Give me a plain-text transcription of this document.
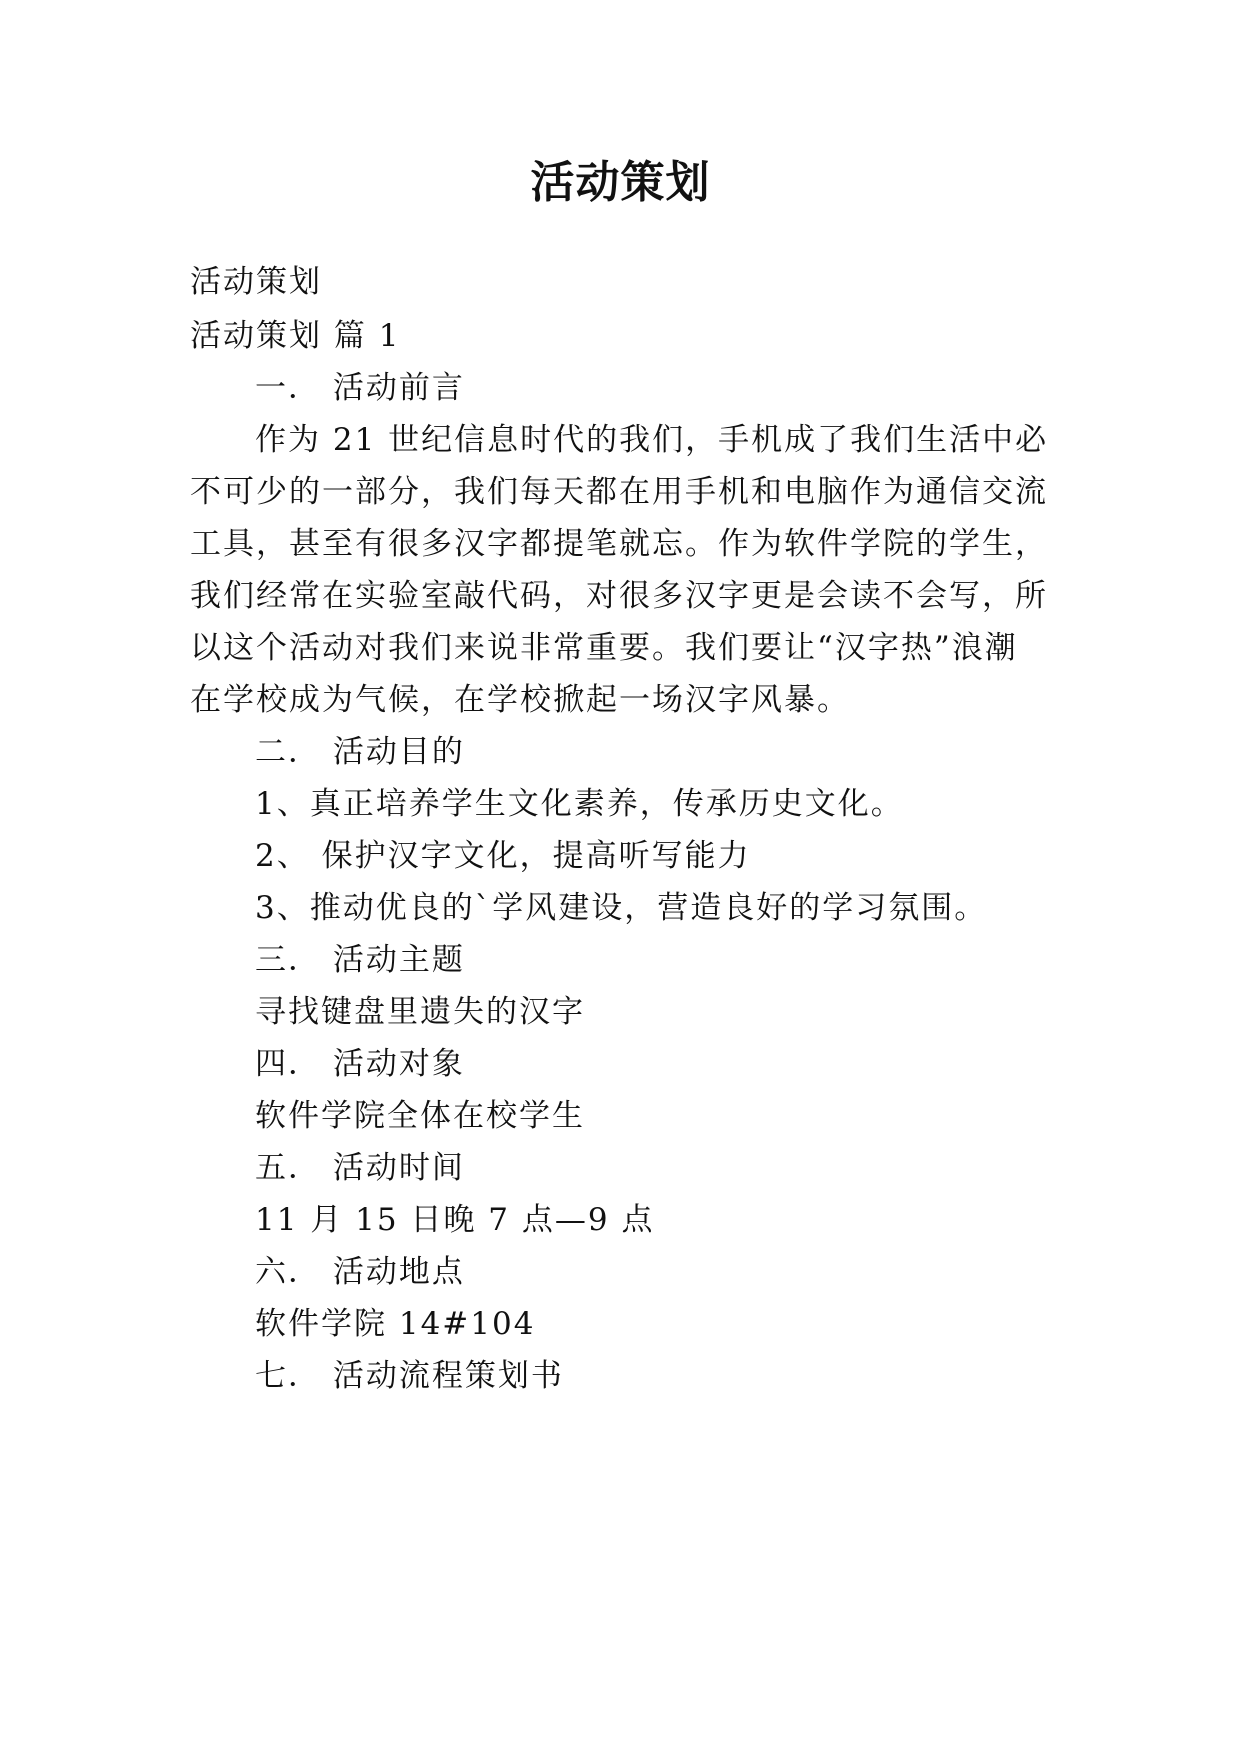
活动策划
活动策划
活动策划 篇 1
一． 活动前言
作为 21 世纪信息时代的我们，手机成了我们生活中必
不可少的一部分，我们每天都在用手机和电脑作为通信交流
工具，甚至有很多汉字都提笔就忘。作为软件学院的学生，
我们经常在实验室敲代码，对很多汉字更是会读不会写，所
以这个活动对我们来说非常重要。我们要让“汉字热”浪潮
在学校成为气候，在学校掀起一场汉字风暴。
二． 活动目的
1、真正培养学生文化素养，传承历史文化。
2、 保护汉字文化，提高听写能力
3、推动优良的`学风建设，营造良好的学习氛围。
三． 活动主题
寻找键盘里遗失的汉字
四． 活动对象
软件学院全体在校学生
五． 活动时间
11 月 15 日晚 7 点—9 点
六． 活动地点
软件学院 14#104
七． 活动流程策划书
